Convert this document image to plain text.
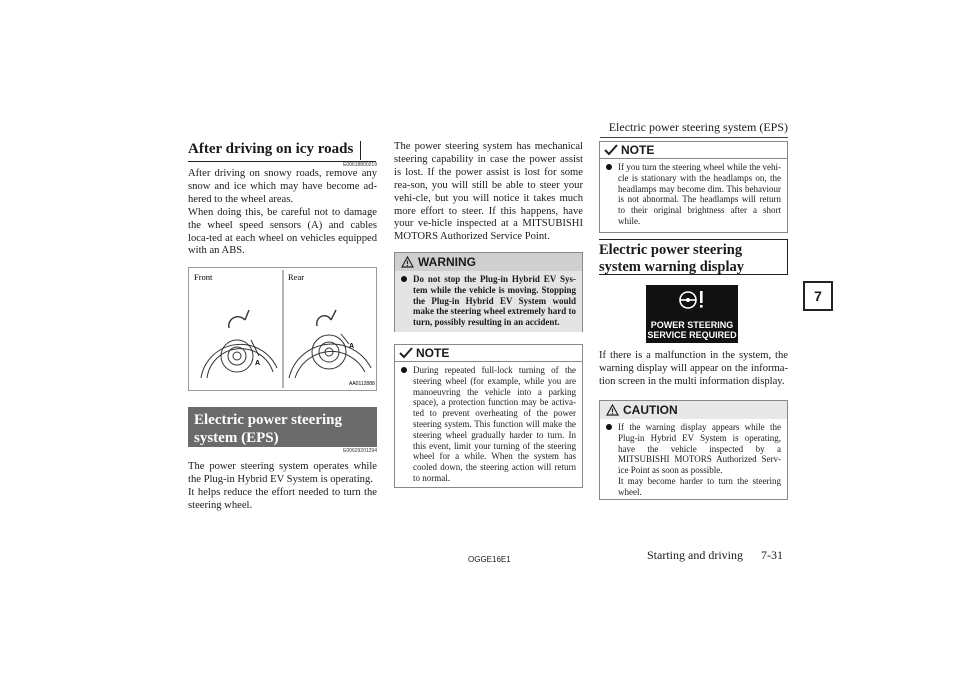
Electric power steering system (EPS)
7
After driving on icy roads
E00618800219
After driving on snowy roads, remove any snow and ice which may have become ad-hered to the wheel areas.
When doing this, be careful not to damage the wheel speed sensors (A) and cables loca-ted at each wheel on vehicles equipped with an ABS.
Front	Rear
A
A
AA0112888
Electric power steering system (EPS)
E00629201294
The power steering system operates while the Plug-in Hybrid EV System is operating.
It helps reduce the effort needed to turn the steering wheel.
The power steering system has mechanical steering capability in case the power assist is lost. If the power assist is lost for some rea-son, you will still be able to steer your vehi-cle, but you will notice it takes much more effort to steer. If this happens, have your ve-hicle inspected at a MITSUBISHI MOTORS Authorized Service Point.
WARNING
Do not stop the Plug-in Hybrid EV Sys-tem while the vehicle is moving. Stopping the Plug-in Hybrid EV System would make the steering wheel extremely hard to turn, possibly resulting in an accident.
NOTE
During repeated full-lock turning of the steering wheel (for example, while you are manoeuvring the vehicle into a parking space), a protection function may be activa-ted to prevent overheating of the power steering system. This function will make the steering wheel gradually harder to turn. In this event, limit your turning of the steering wheel for a while. When the system has cooled down, the steering action will return to normal.
NOTE
If you turn the steering wheel while the vehi-cle is stationary with the headlamps on, the headlamps may become dim. This behaviour is not abnormal. The headlamps will return to their original brightness after a short while.
Electric power steering system warning display
POWER STEERING
SERVICE REQUIRED
If there is a malfunction in the system, the warning display will appear on the informa-tion screen in the multi information display.
CAUTION
If the warning display appears while the Plug-in Hybrid EV System is operating, have the vehicle inspected by a MITSUBISHI MOTORS Authorized Serv-ice Point as soon as possible.
It may become harder to turn the steering wheel.
OGGE16E1	Starting and driving 7-31
